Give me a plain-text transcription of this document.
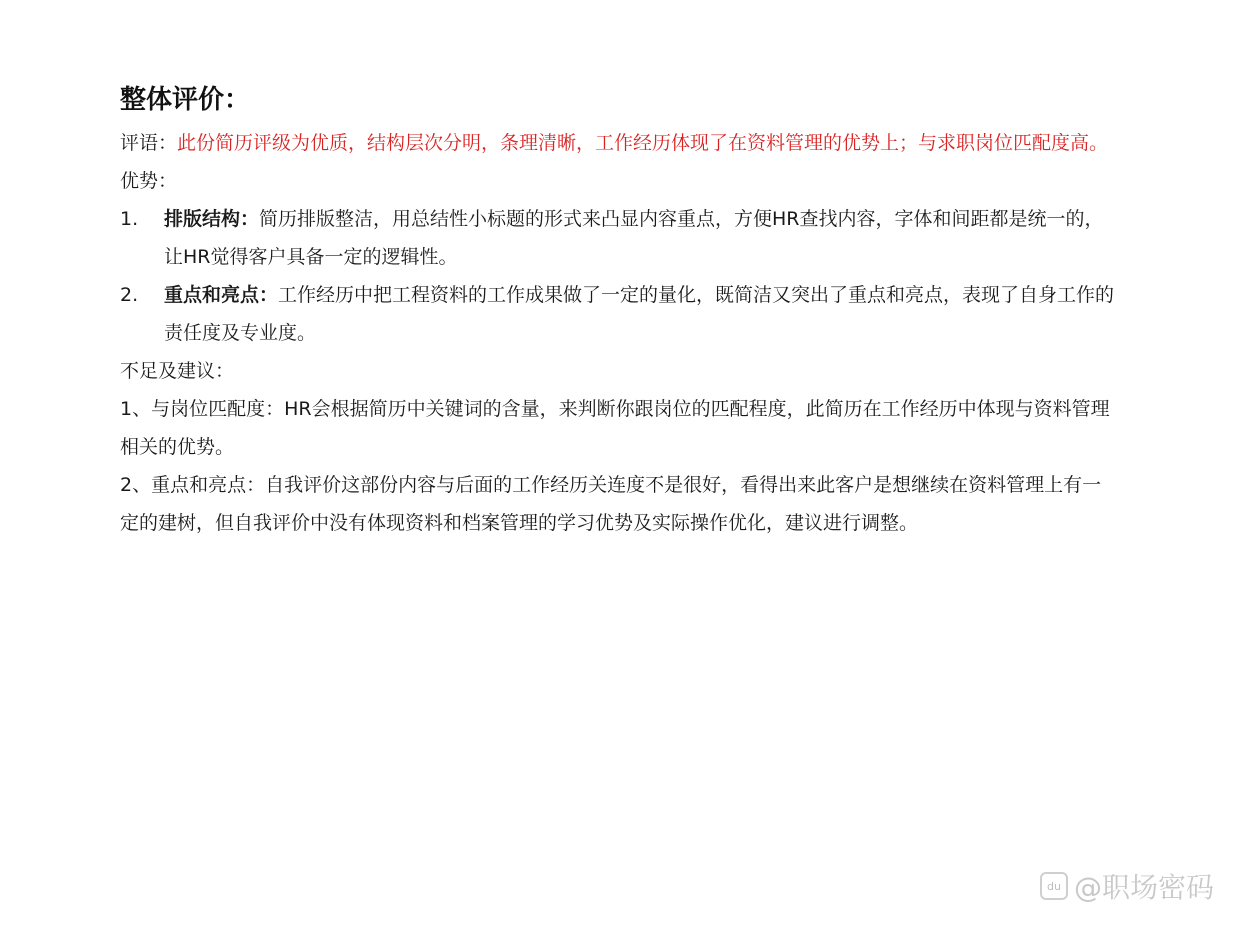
整体评价：

评语：此份简历评级为优质，结构层次分明，条理清晰，工作经历体现了在资料管理的优势上；与求职岗位匹配度高。

优势：

1.	排版结构：简历排版整洁，用总结性小标题的形式来凸显内容重点，方便HR查找内容，字体和间距都是统一的，让HR觉得客户具备一定的逻辑性。
2.	重点和亮点：工作经历中把工程资料的工作成果做了一定的量化，既简洁又突出了重点和亮点，表现了自身工作的责任度及专业度。

不足及建议：

1、与岗位匹配度：HR会根据简历中关键词的含量，来判断你跟岗位的匹配程度，此简历在工作经历中体现与资料管理相关的优势。

2、重点和亮点：自我评价这部份内容与后面的工作经历关连度不是很好，看得出来此客户是想继续在资料管理上有一定的建树，但自我评价中没有体现资料和档案管理的学习优势及实际操作优化，建议进行调整。

du @职场密码
